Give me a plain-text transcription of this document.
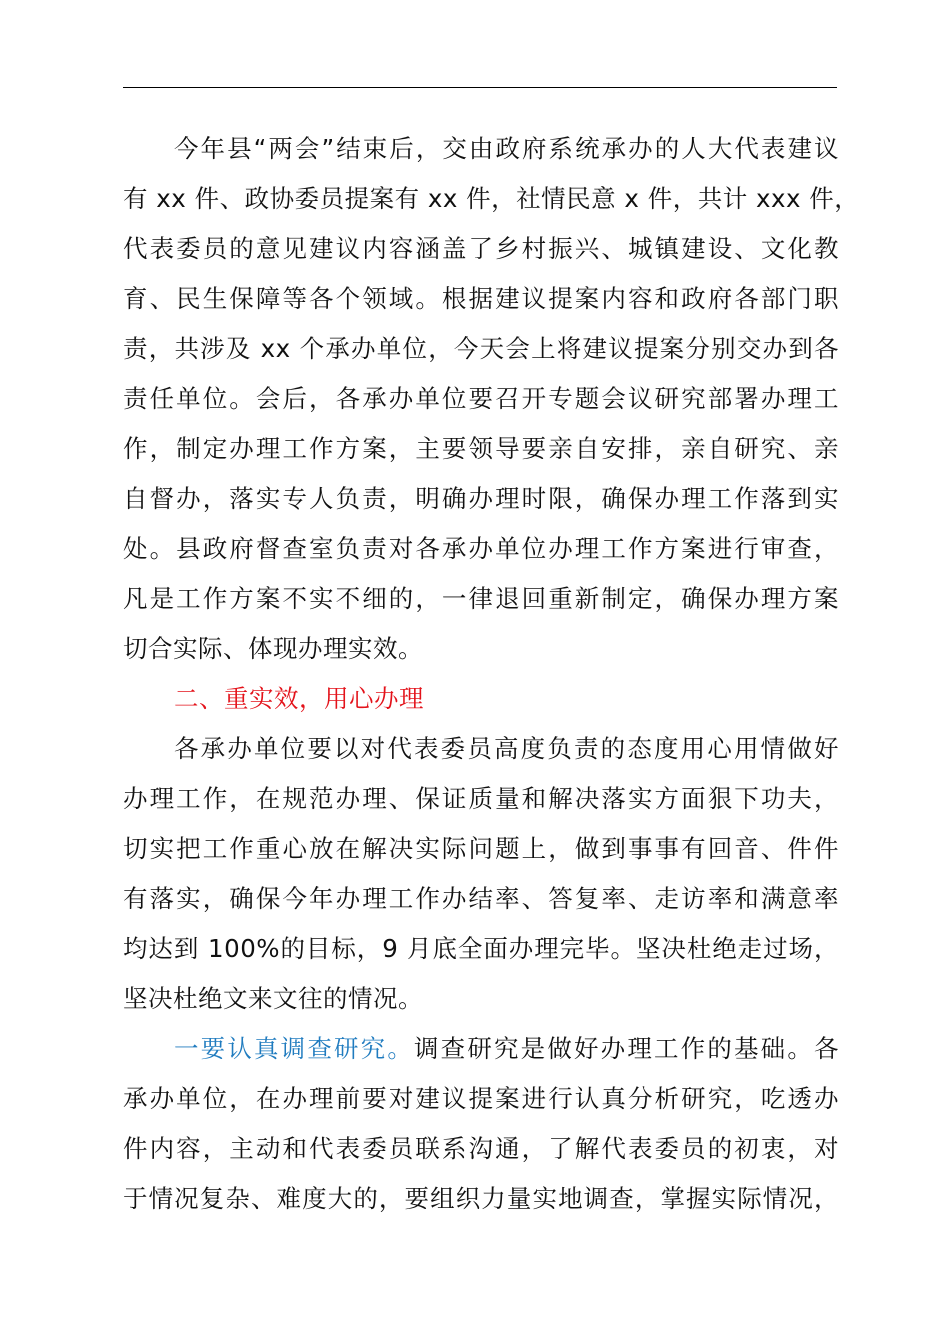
今年县“两会”结束后，交由政府系统承办的人大代表建议
有 xx 件、政协委员提案有 xx 件，社情民意 x 件，共计 xxx 件，
代表委员的意见建议内容涵盖了乡村振兴、城镇建设、文化教
育、民生保障等各个领域。根据建议提案内容和政府各部门职
责，共涉及 xx 个承办单位，今天会上将建议提案分别交办到各
责任单位。会后，各承办单位要召开专题会议研究部署办理工
作，制定办理工作方案，主要领导要亲自安排，亲自研究、亲
自督办，落实专人负责，明确办理时限，确保办理工作落到实
处。县政府督查室负责对各承办单位办理工作方案进行审查，
凡是工作方案不实不细的，一律退回重新制定，确保办理方案
切合实际、体现办理实效。
二、重实效，用心办理
各承办单位要以对代表委员高度负责的态度用心用情做好
办理工作，在规范办理、保证质量和解决落实方面狠下功夫，
切实把工作重心放在解决实际问题上，做到事事有回音、件件
有落实，确保今年办理工作办结率、答复率、走访率和满意率
均达到 100%的目标，9 月底全面办理完毕。坚决杜绝走过场，
坚决杜绝文来文往的情况。
一要认真调查研究。调查研究是做好办理工作的基础。各
承办单位，在办理前要对建议提案进行认真分析研究，吃透办
件内容，主动和代表委员联系沟通，了解代表委员的初衷，对
于情况复杂、难度大的，要组织力量实地调查，掌握实际情况，
